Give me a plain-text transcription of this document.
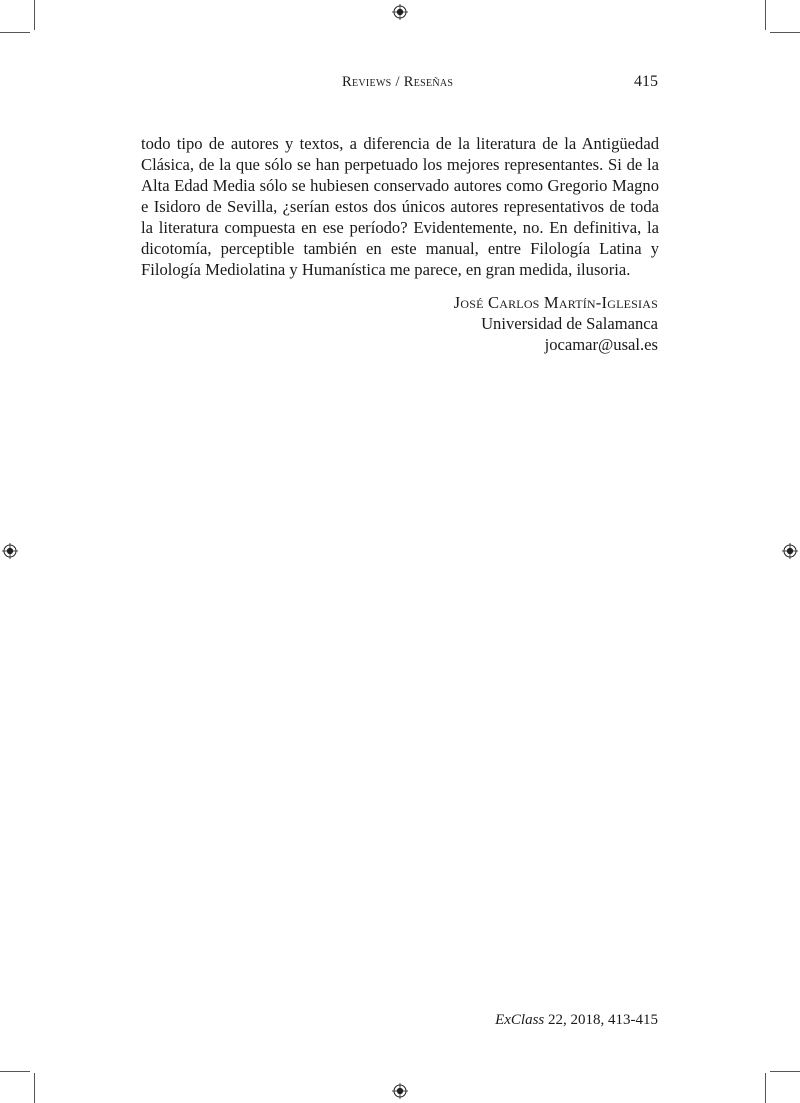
Reviews / Reseñas	415

todo tipo de autores y textos, a diferencia de la literatura de la Antigüedad Clásica, de la que sólo se han perpetuado los mejores representantes. Si de la Alta Edad Media sólo se hubiesen conservado autores como Gregorio Magno e Isidoro de Sevilla, ¿serían estos dos únicos autores representativos de toda la literatura compuesta en ese período? Evidentemente, no. En definitiva, la dicotomía, perceptible también en este manual, entre Filología Latina y Filología Mediolatina y Humanística me parece, en gran medida, ilusoria.

José Carlos Martín-Iglesias
Universidad de Salamanca
jocamar@usal.es
ExClass 22, 2018, 413-415
